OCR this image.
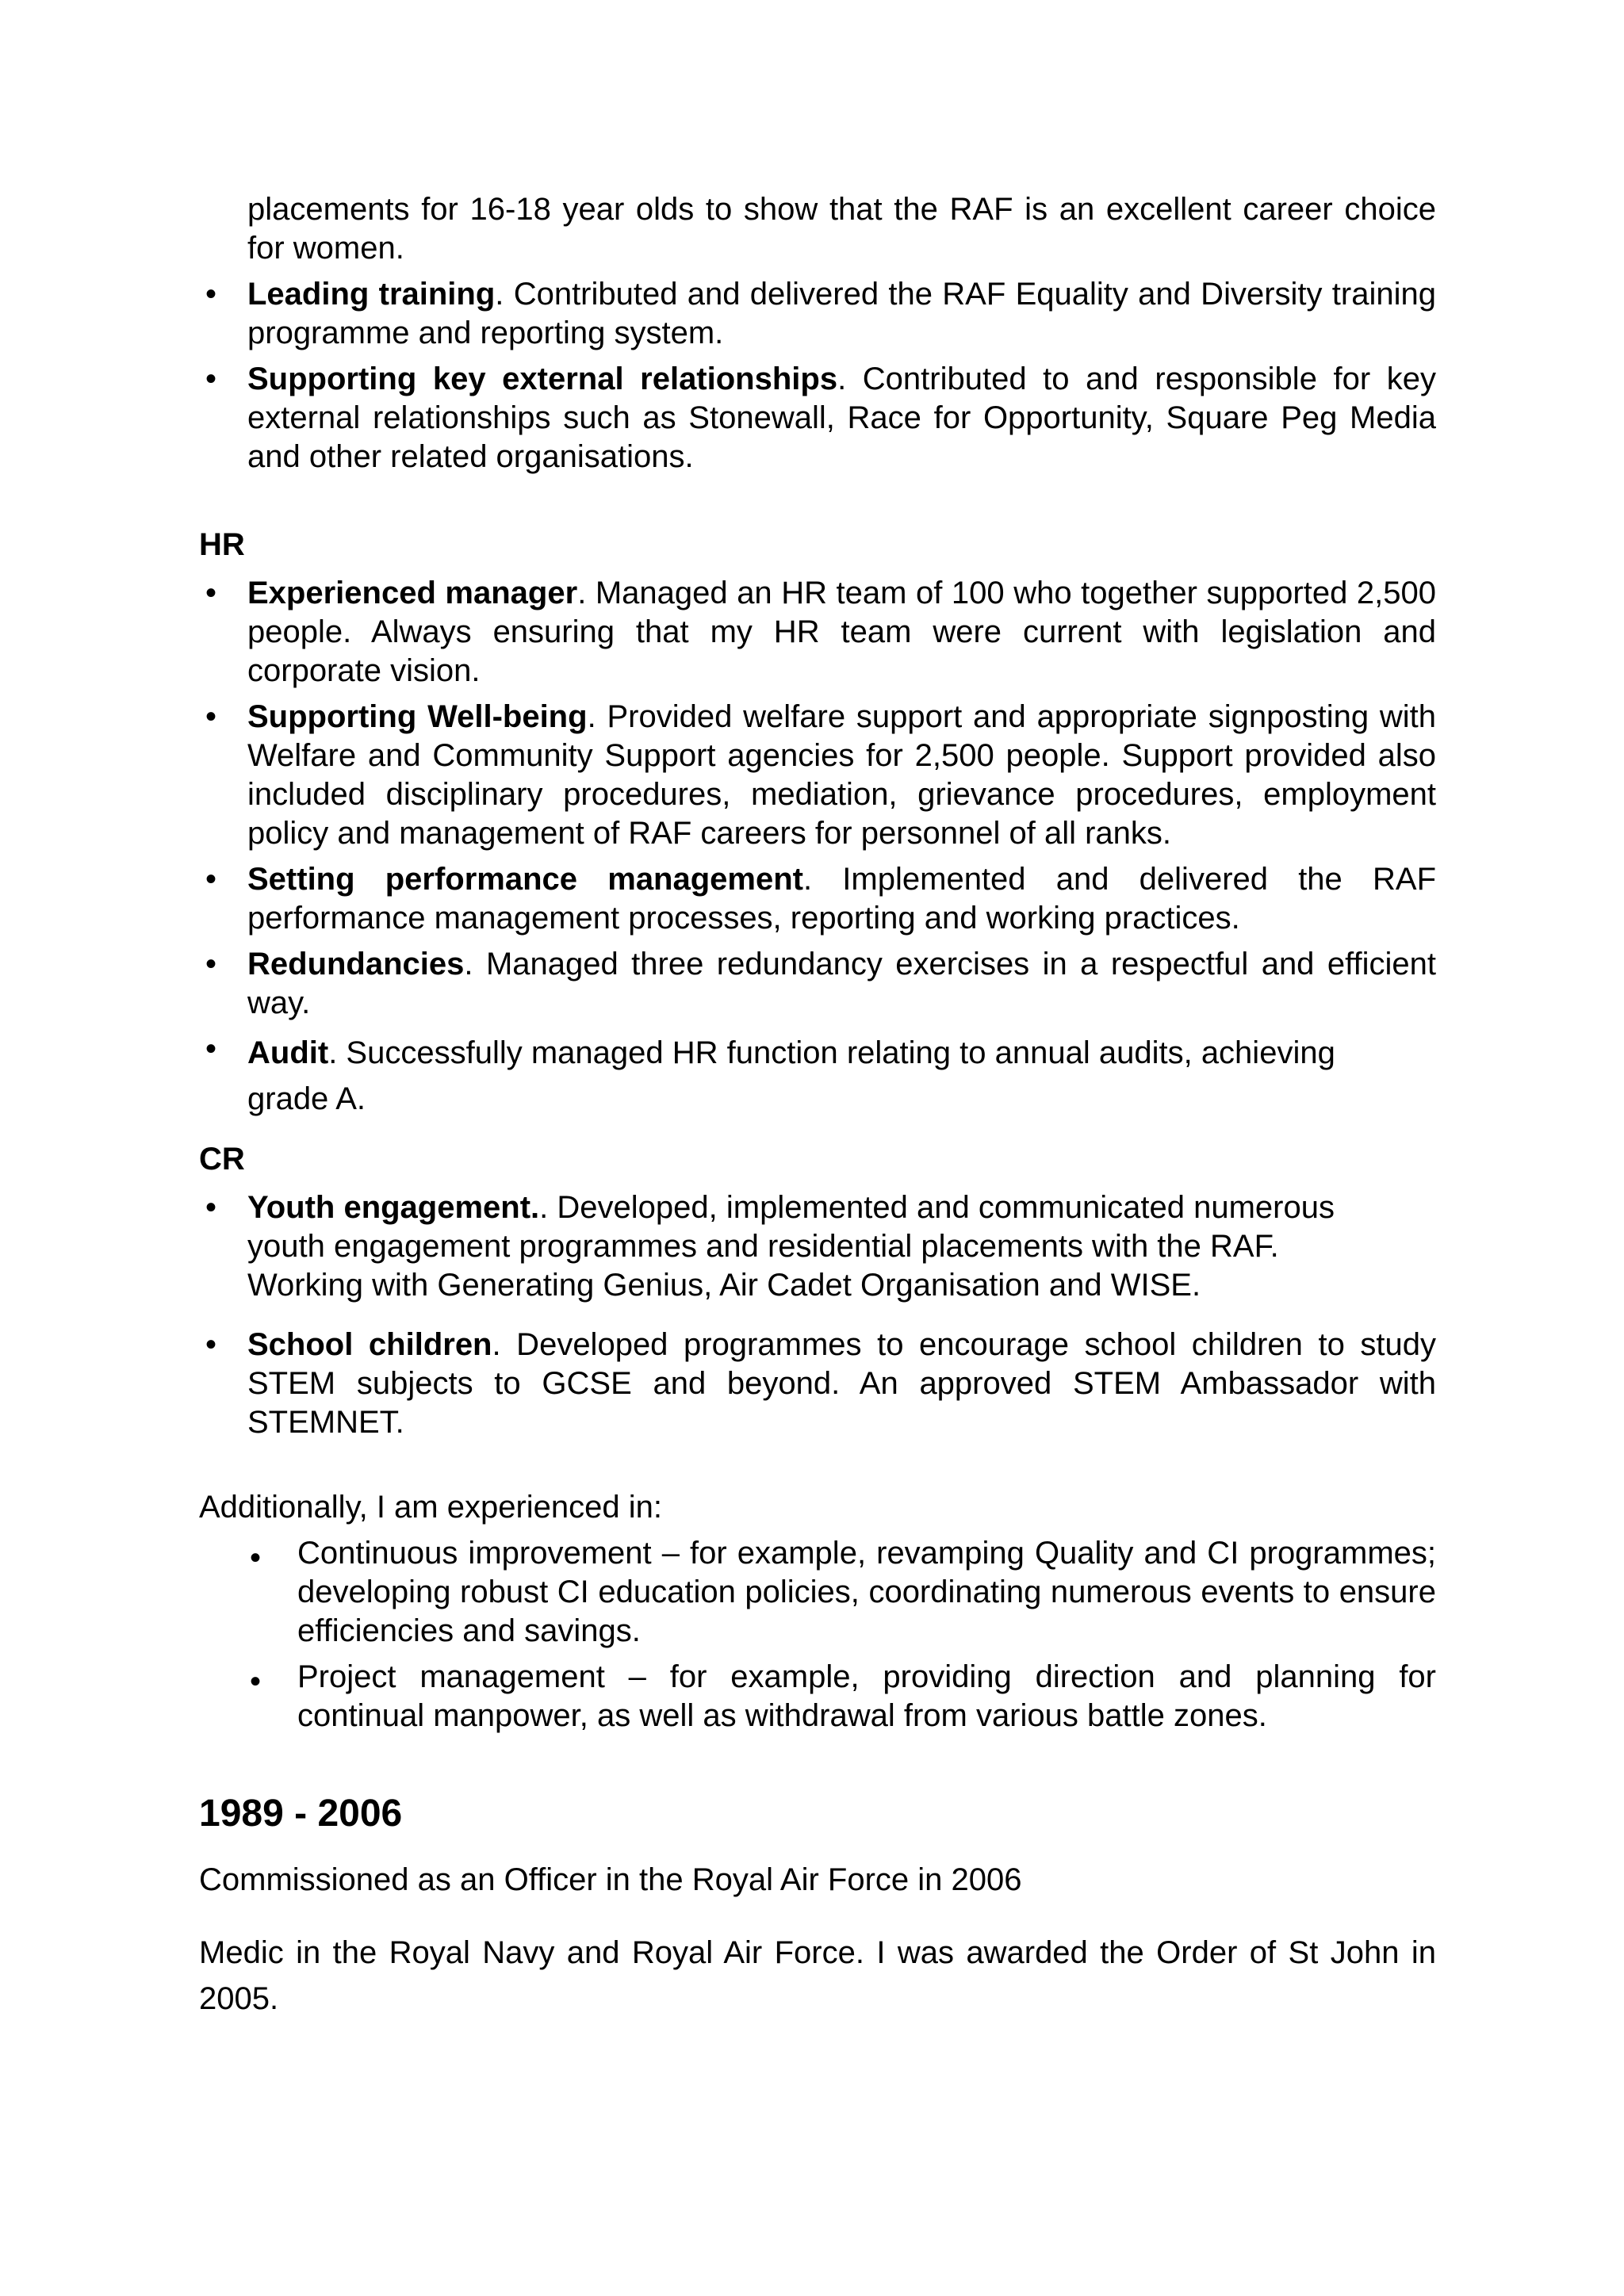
placements for 16-18 year olds to show that the RAF is an excellent career choice for women.
• Leading training. Contributed and delivered the RAF Equality and Diversity training programme and reporting system.
• Supporting key external relationships. Contributed to and responsible for key external relationships such as Stonewall, Race for Opportunity, Square Peg Media and other related organisations.
HR
• Experienced manager. Managed an HR team of 100 who together supported 2,500 people. Always ensuring that my HR team were current with legislation and corporate vision.
• Supporting Well-being. Provided welfare support and appropriate signposting with Welfare and Community Support agencies for 2,500 people. Support provided also included disciplinary procedures, mediation, grievance procedures, employment policy and management of RAF careers for personnel of all ranks.
• Setting performance management. Implemented and delivered the RAF performance management processes, reporting and working practices.
• Redundancies. Managed three redundancy exercises in a respectful and efficient way.
• Audit. Successfully managed HR function relating to annual audits, achieving grade A.
CR
• Youth engagement.. Developed, implemented and communicated numerous youth engagement programmes and residential placements with the RAF. Working with Generating Genius, Air Cadet Organisation and WISE.
• School children. Developed programmes to encourage school children to study STEM subjects to GCSE and beyond. An approved STEM Ambassador with STEMNET.
Additionally, I am experienced in:
• Continuous improvement – for example, revamping Quality and CI programmes; developing robust CI education policies, coordinating numerous events to ensure efficiencies and savings.
• Project management – for example, providing direction and planning for continual manpower, as well as withdrawal from various battle zones.
1989 - 2006
Commissioned as an Officer in the Royal Air Force in 2006
Medic in the Royal Navy and Royal Air Force. I was awarded the Order of St John in 2005.
